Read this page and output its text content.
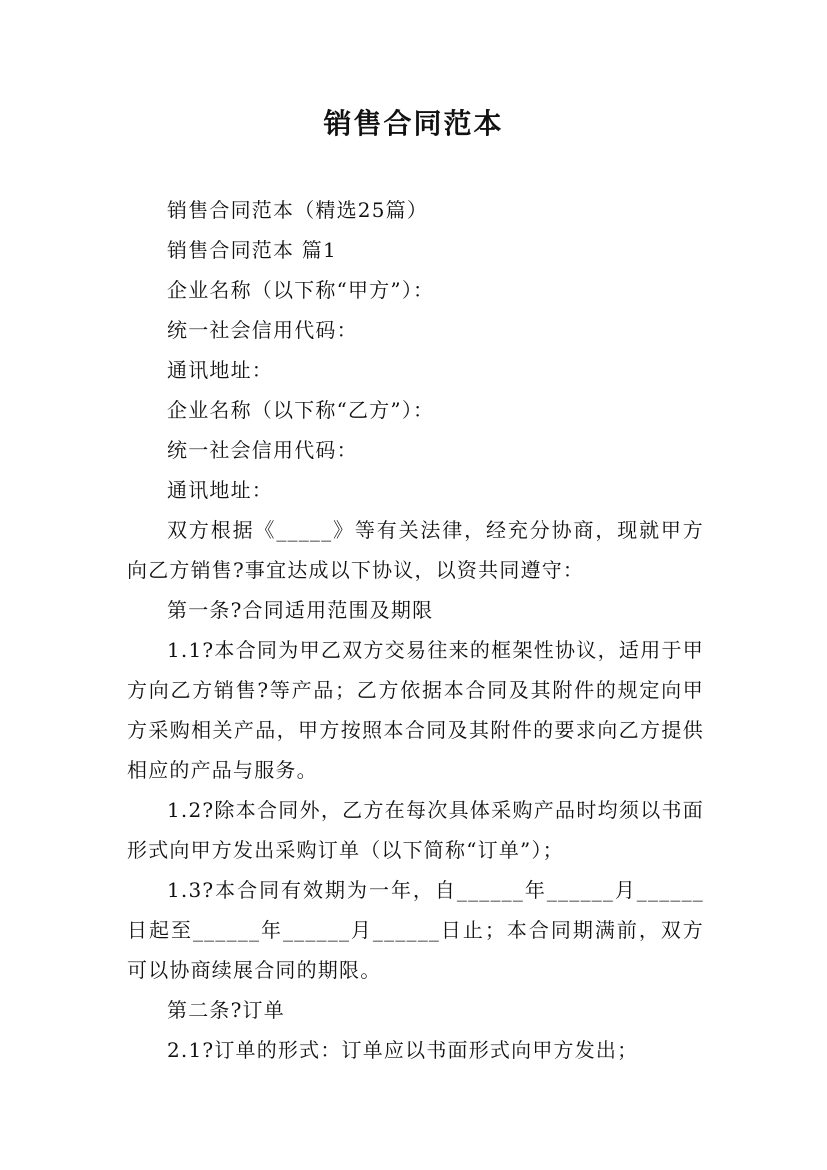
销售合同范本

销售合同范本（精选25篇）

销售合同范本 篇1

企业名称（以下称“甲方”）：

统一社会信用代码：

通讯地址：

企业名称（以下称“乙方”）：

统一社会信用代码：

通讯地址：

双方根据《_____》等有关法律，经充分协商，现就甲方向乙方销售?事宜达成以下协议，以资共同遵守：

第一条?合同适用范围及期限

1.1?本合同为甲乙双方交易往来的框架性协议，适用于甲方向乙方销售?等产品；乙方依据本合同及其附件的规定向甲方采购相关产品，甲方按照本合同及其附件的要求向乙方提供相应的产品与服务。

1.2?除本合同外，乙方在每次具体采购产品时均须以书面形式向甲方发出采购订单（以下简称“订单”）；

1.3?本合同有效期为一年，自______年______月______日起至______年______月______日止；本合同期满前，双方可以协商续展合同的期限。

第二条?订单

2.1?订单的形式：订单应以书面形式向甲方发出；
